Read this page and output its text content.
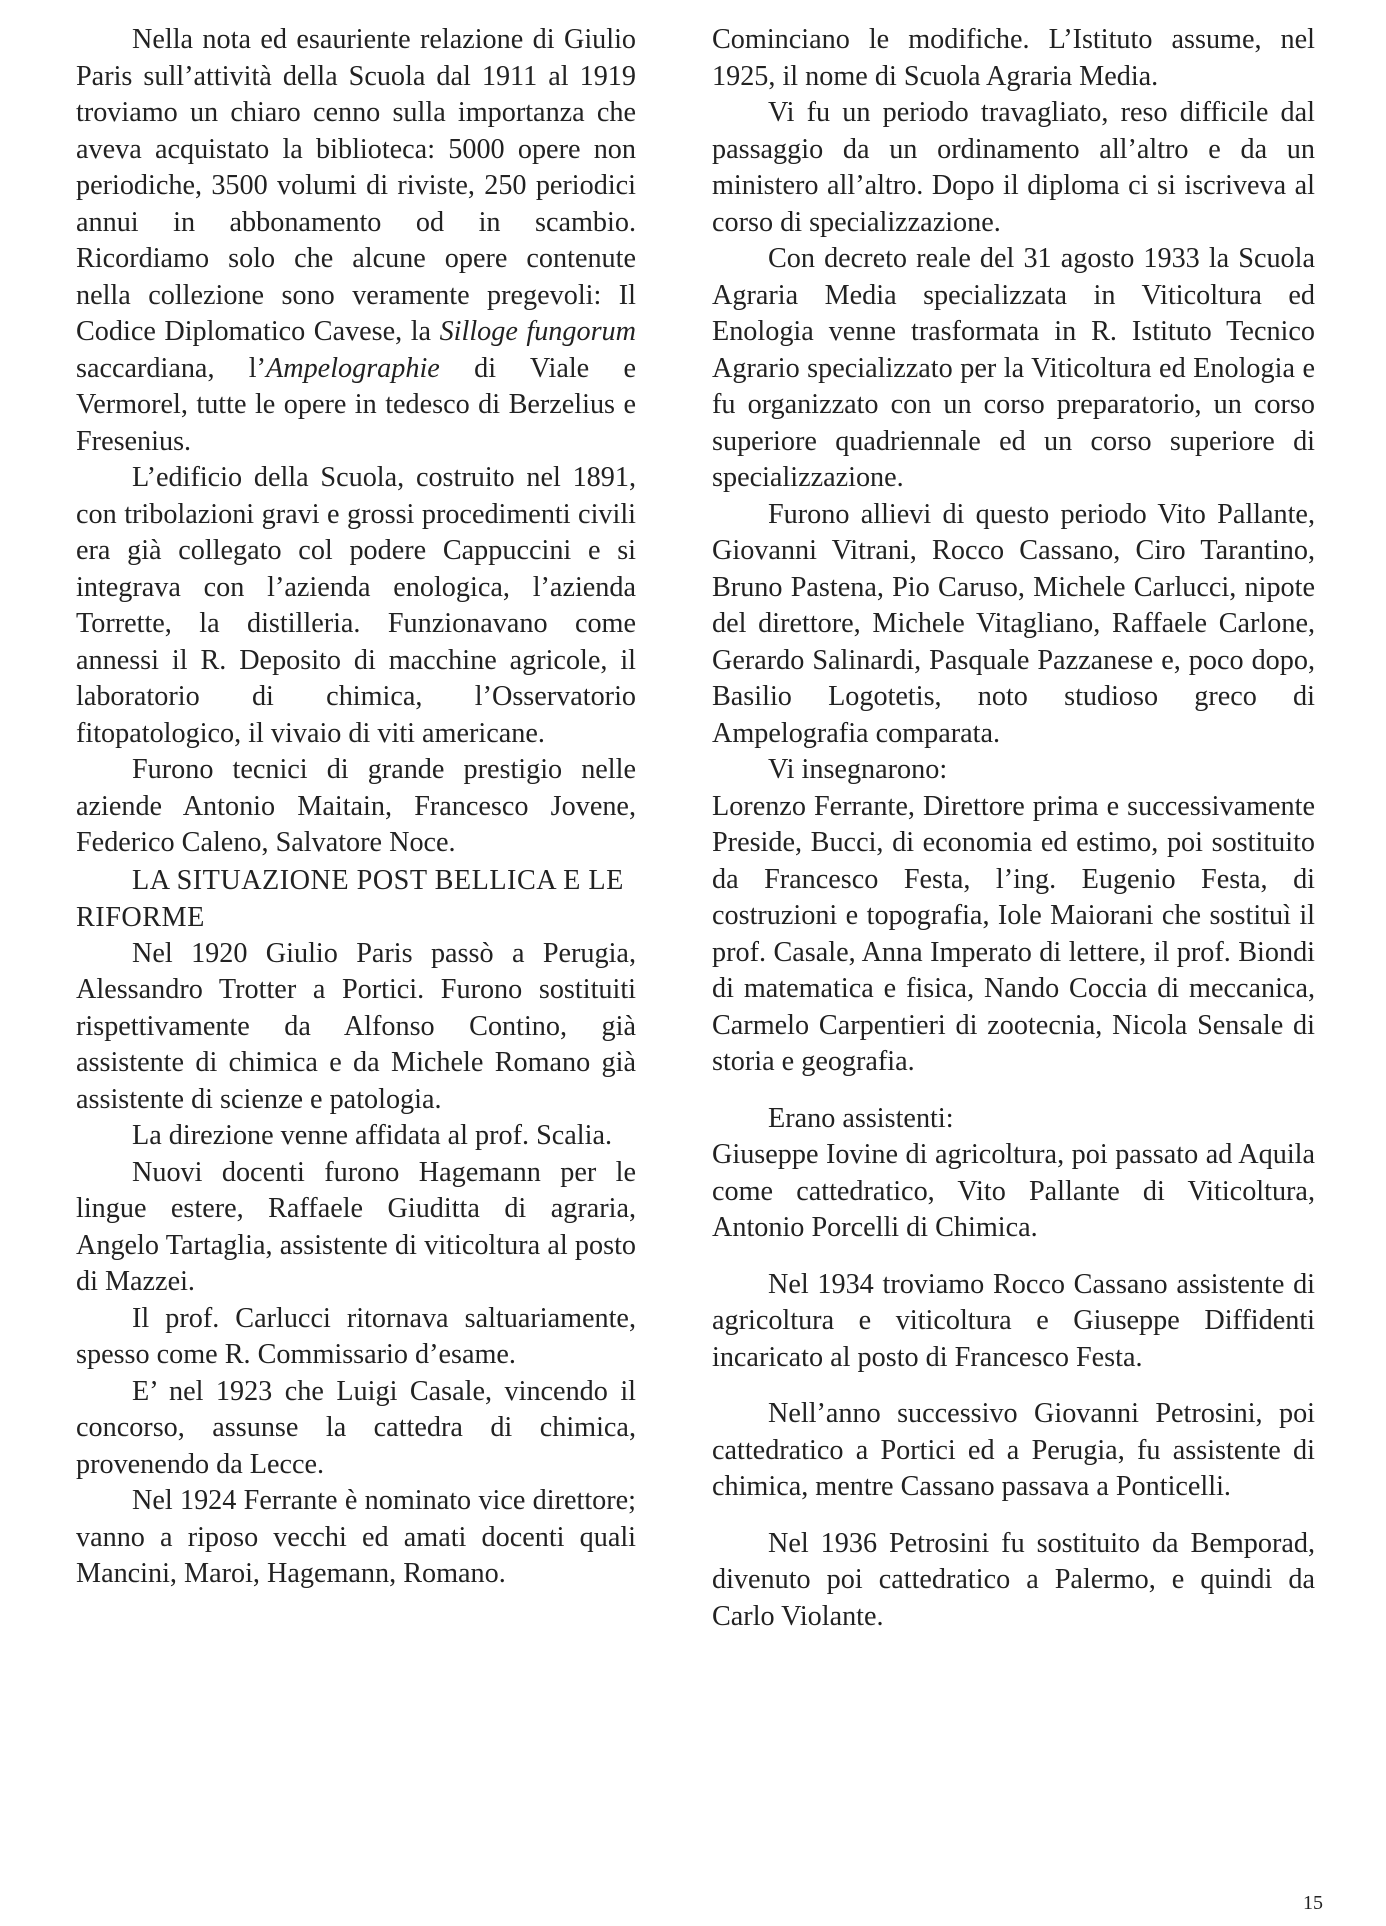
Nella nota ed esauriente relazione di Giulio Paris sull’attività della Scuola dal 1911 al 1919 troviamo un chiaro cenno sulla importanza che aveva acquistato la biblioteca: 5000 opere non periodiche, 3500 volumi di riviste, 250 periodici annui in abbonamento od in scambio. Ricordiamo solo che alcune opere contenute nella collezione sono veramente pregevoli: Il Codice Diplomatico Cavese, la Silloge fungorum saccardiana, l’Ampelographie di Viale e Vermorel, tutte le opere in tedesco di Berzelius e Fresenius.

L’edificio della Scuola, costruito nel 1891, con tribolazioni gravi e grossi procedimenti civili era già collegato col podere Cappuccini e si integrava con l’azienda enologica, l’azienda Torrette, la distilleria. Funzionavano come annessi il R. Deposito di macchine agricole, il laboratorio di chimica, l’Osservatorio fitopatologico, il vivaio di viti americane.

Furono tecnici di grande prestigio nelle aziende Antonio Maitain, Francesco Jovene, Federico Caleno, Salvatore Noce.

LA SITUAZIONE POST BELLICA E LE RIFORME

Nel 1920 Giulio Paris passò a Perugia, Alessandro Trotter a Portici. Furono sostituiti rispettivamente da Alfonso Contino, già assistente di chimica e da Michele Romano già assistente di scienze e patologia.

La direzione venne affidata al prof. Scalia.

Nuovi docenti furono Hagemann per le lingue estere, Raffaele Giuditta di agraria, Angelo Tartaglia, assistente di viticoltura al posto di Mazzei.

Il prof. Carlucci ritornava saltuariamente, spesso come R. Commissario d’esame.

E’ nel 1923 che Luigi Casale, vincendo il concorso, assunse la cattedra di chimica, provenendo da Lecce.

Nel 1924 Ferrante è nominato vice direttore; vanno a riposo vecchi ed amati docenti quali Mancini, Maroi, Hagemann, Romano.

Cominciano le modifiche. L’Istituto assume, nel 1925, il nome di Scuola Agraria Media.

Vi fu un periodo travagliato, reso difficile dal passaggio da un ordinamento all’altro e da un ministero all’altro. Dopo il diploma ci si iscriveva al corso di specializzazione.

Con decreto reale del 31 agosto 1933 la Scuola Agraria Media specializzata in Viticoltura ed Enologia venne trasformata in R. Istituto Tecnico Agrario specializzato per la Viticoltura ed Enologia e fu organizzato con un corso preparatorio, un corso superiore quadriennale ed un corso superiore di specializzazione.

Furono allievi di questo periodo Vito Pallante, Giovanni Vitrani, Rocco Cassano, Ciro Tarantino, Bruno Pastena, Pio Caruso, Michele Carlucci, nipote del direttore, Michele Vitagliano, Raffaele Carlone, Gerardo Salinardi, Pasquale Pazzanese e, poco dopo, Basilio Logotetis, noto studioso greco di Ampelografia comparata.

Vi insegnarono:

Lorenzo Ferrante, Direttore prima e successivamente Preside, Bucci, di economia ed estimo, poi sostituito da Francesco Festa, l’ing. Eugenio Festa, di costruzioni e topografia, Iole Maiorani che sostituì il prof. Casale, Anna Imperato di lettere, il prof. Biondi di matematica e fisica, Nando Coccia di meccanica, Carmelo Carpentieri di zootecnia, Nicola Sensale di storia e geografia.

Erano assistenti:

Giuseppe Iovine di agricoltura, poi passato ad Aquila come cattedratico, Vito Pallante di Viticoltura, Antonio Porcelli di Chimica.

Nel 1934 troviamo Rocco Cassano assistente di agricoltura e viticoltura e Giuseppe Diffidenti incaricato al posto di Francesco Festa.

Nell’anno successivo Giovanni Petrosini, poi cattedratico a Portici ed a Perugia, fu assistente di chimica, mentre Cassano passava a Ponticelli.

Nel 1936 Petrosini fu sostituito da Bemporad, divenuto poi cattedratico a Palermo, e quindi da Carlo Violante.

15
